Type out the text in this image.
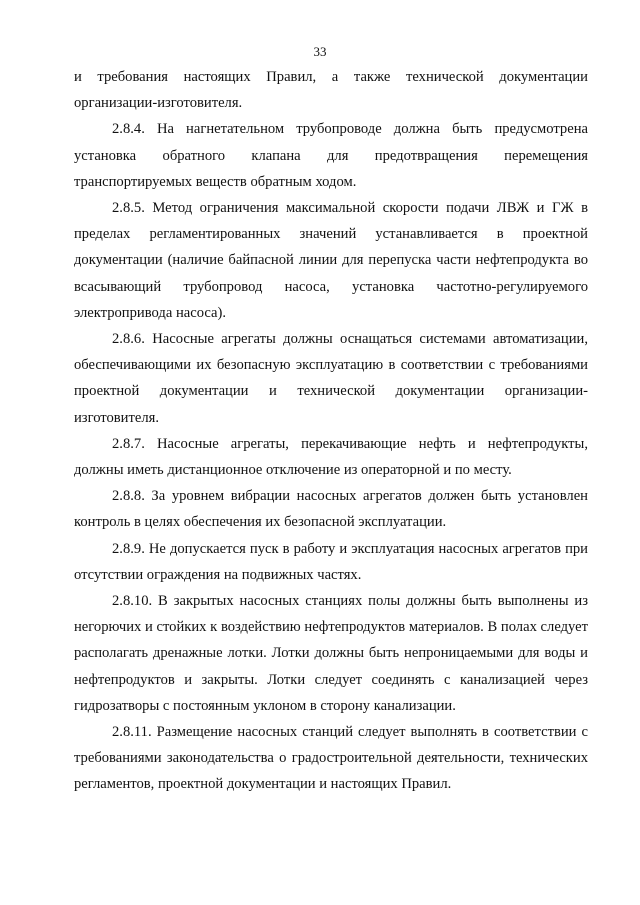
33

и требования настоящих Правил, а также технической документации организации-изготовителя.

2.8.4. На нагнетательном трубопроводе должна быть предусмотрена установка обратного клапана для предотвращения перемещения транспортируемых веществ обратным ходом.

2.8.5. Метод ограничения максимальной скорости подачи ЛВЖ и ГЖ в пределах регламентированных значений устанавливается в проектной документации (наличие байпасной линии для перепуска части нефтепродукта во всасывающий трубопровод насоса, установка частотно-регулируемого электропривода насоса).

2.8.6. Насосные агрегаты должны оснащаться системами автоматизации, обеспечивающими их безопасную эксплуатацию в соответствии с требованиями проектной документации и технической документации организации-изготовителя.

2.8.7. Насосные агрегаты, перекачивающие нефть и нефтепродукты, должны иметь дистанционное отключение из операторной и по месту.

2.8.8. За уровнем вибрации насосных агрегатов должен быть установлен контроль в целях обеспечения их безопасной эксплуатации.

2.8.9. Не допускается пуск в работу и эксплуатация насосных агрегатов при отсутствии ограждения на подвижных частях.

2.8.10. В закрытых насосных станциях полы должны быть выполнены из негорючих и стойких к воздействию нефтепродуктов материалов. В полах следует располагать дренажные лотки. Лотки должны быть непроницаемыми для воды и нефтепродуктов и закрыты. Лотки следует соединять с канализацией через гидрозатворы с постоянным уклоном в сторону канализации.

2.8.11. Размещение насосных станций следует выполнять в соответствии с требованиями законодательства о градостроительной деятельности, технических регламентов, проектной документации и настоящих Правил.
